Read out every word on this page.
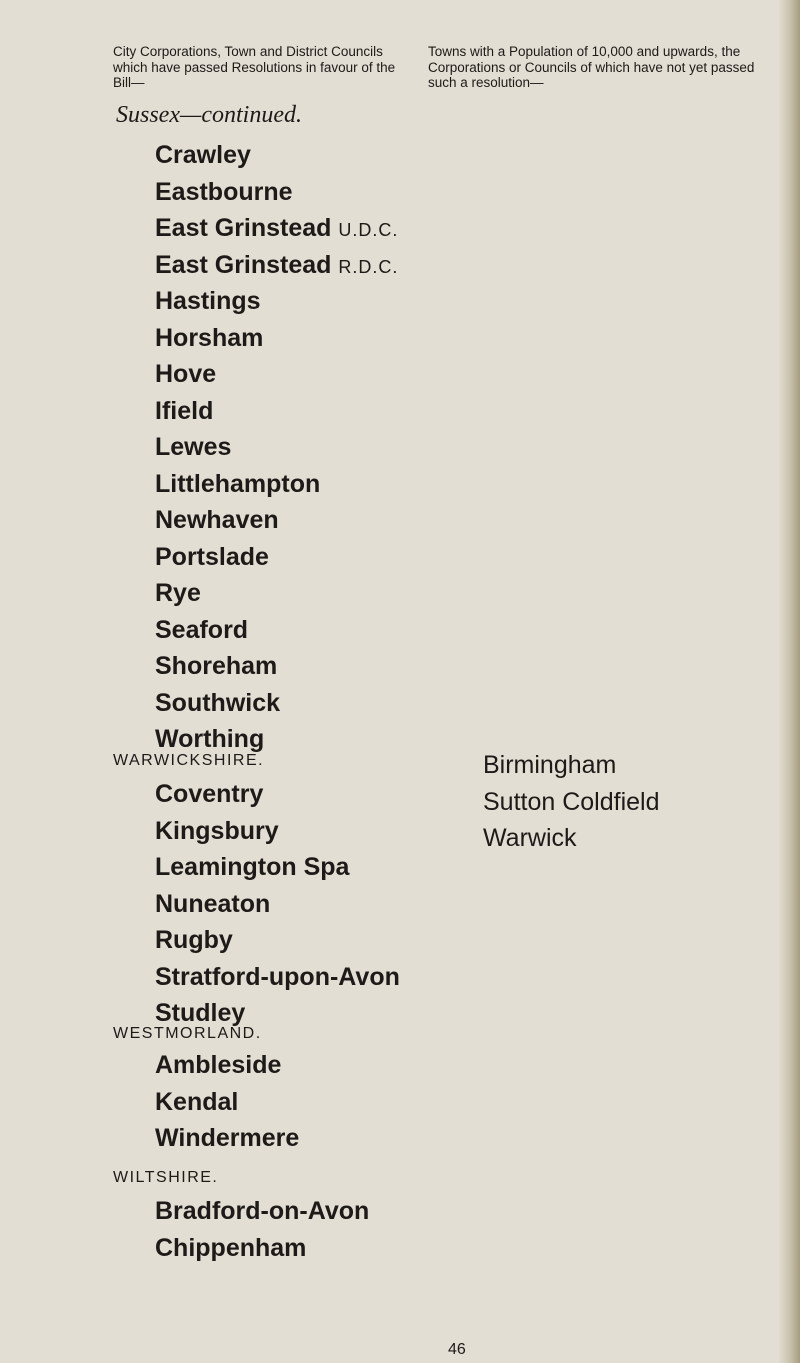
City Corporations, Town and District Councils which have passed Resolutions in favour of the Bill—
Towns with a Population of 10,000 and upwards, the Corporations or Councils of which have not yet passed such a resolution—
Sussex—continued.
Crawley
Eastbourne
East Grinstead U.D.C.
East Grinstead R.D.C.
Hastings
Horsham
Hove
Ifield
Lewes
Littlehampton
Newhaven
Portslade
Rye
Seaford
Shoreham
Southwick
Worthing
WARWICKSHIRE.
Coventry
Kingsbury
Leamington Spa
Nuneaton
Rugby
Stratford-upon-Avon
Studley
Birmingham
Sutton Coldfield
Warwick
WESTMORLAND.
Ambleside
Kendal
Windermere
WILTSHIRE.
Bradford-on-Avon
Chippenham
46
